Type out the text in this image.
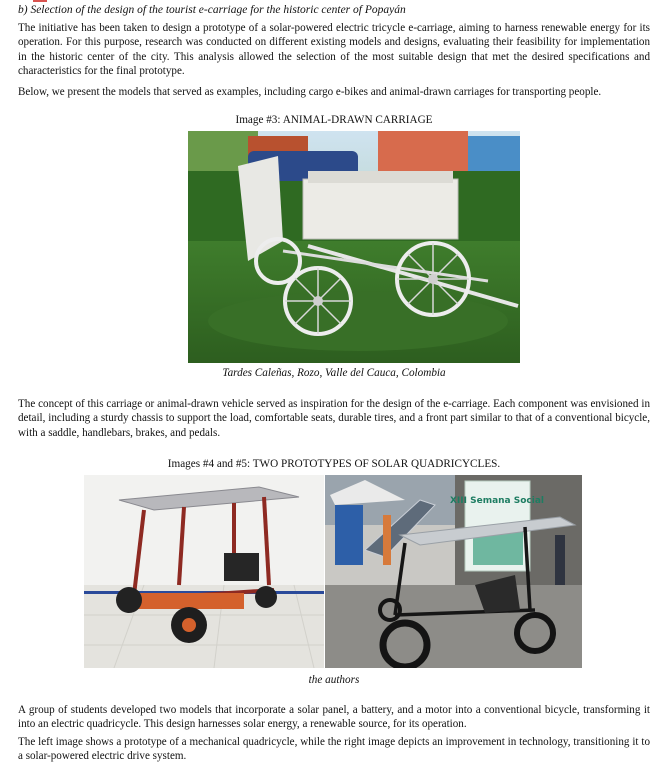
b) Selection of the design of the tourist e-carriage for the historic center of Popayán

The initiative has been taken to design a prototype of a solar-powered electric tricycle e-carriage, aiming to harness renewable energy for its operation. For this purpose, research was conducted on different existing models and designs, evaluating their feasibility for implementation in the historic center of the city. This analysis allowed the selection of the most suitable design that met the desired specifications and characteristics for the final prototype.

Below, we present the models that served as examples, including cargo e-bikes and animal-drawn carriages for transporting people.

Image #3: ANIMAL-DRAWN CARRIAGE
Tardes Caleñas, Rozo, Valle del Cauca, Colombia

The concept of this carriage or animal-drawn vehicle served as inspiration for the design of the e-carriage. Each component was envisioned in detail, including a sturdy chassis to support the load, comfortable seats, durable tires, and a front part similar to that of a conventional bicycle, with a saddle, handlebars, brakes, and pedals.

Images #4 and #5: TWO PROTOTYPES OF SOLAR QUADRICYCLES.
XIII Semana Social
the authors

A group of students developed two models that incorporate a solar panel, a battery, and a motor into a conventional bicycle, transforming it into an electric quadricycle. This design harnesses solar energy, a renewable source, for its operation.

The left image shows a prototype of a mechanical quadricycle, while the right image depicts an improvement in technology, transitioning it to a solar-powered electric drive system.
